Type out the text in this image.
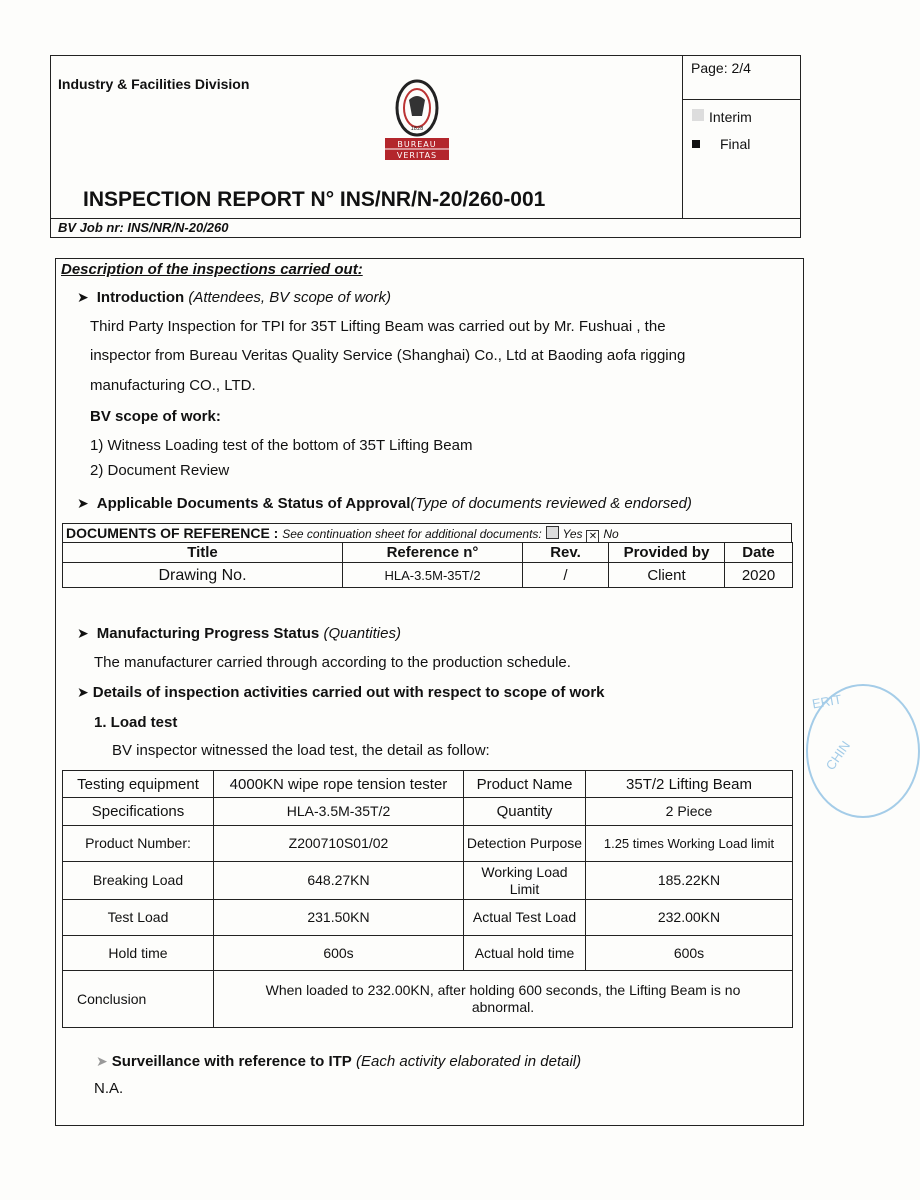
Industry & Facilities Division
Page: 2/4
Interim
Final
1828
BUREAU
VERITAS
INSPECTION REPORT N° INS/NR/N-20/260-001
BV Job nr: INS/NR/N-20/260
Description of the inspections carried out:
➤ Introduction (Attendees, BV scope of work)
Third Party Inspection for TPI for 35T Lifting Beam was carried out by Mr. Fushuai , the
inspector from Bureau Veritas Quality Service (Shanghai) Co., Ltd at Baoding aofa rigging
manufacturing CO., LTD.
BV scope of work:
1) Witness Loading test of the bottom of 35T Lifting Beam
2) Document Review
➤ Applicable Documents & Status of Approval(Type of documents reviewed & endorsed)
DOCUMENTS OF REFERENCE : See continuation sheet for additional documents: Yes ✕ No
Title	Reference n°	Rev.	Provided by	Date
Drawing No.	HLA-3.5M-35T/2	/	Client	2020
➤ Manufacturing Progress Status (Quantities)
The manufacturer carried through according to the production schedule.
➤ Details of inspection activities carried out with respect to scope of work
1. Load test
BV inspector witnessed the load test, the detail as follow:
Testing equipment	4000KN wipe rope tension tester	Product Name	35T/2 Lifting Beam
Specifications	HLA-3.5M-35T/2	Quantity	2 Piece
Product Number:	Z200710S01/02	Detection Purpose	1.25 times Working Load limit
Breaking Load	648.27KN	Working Load Limit	185.22KN
Test Load	231.50KN	Actual Test Load	232.00KN
Hold time	600s	Actual hold time	600s
Conclusion	When loaded to 232.00KN, after holding 600 seconds, the Lifting Beam is no abnormal.		
➤ Surveillance with reference to ITP (Each activity elaborated in detail)
N.A.
ERIT
CHIN
